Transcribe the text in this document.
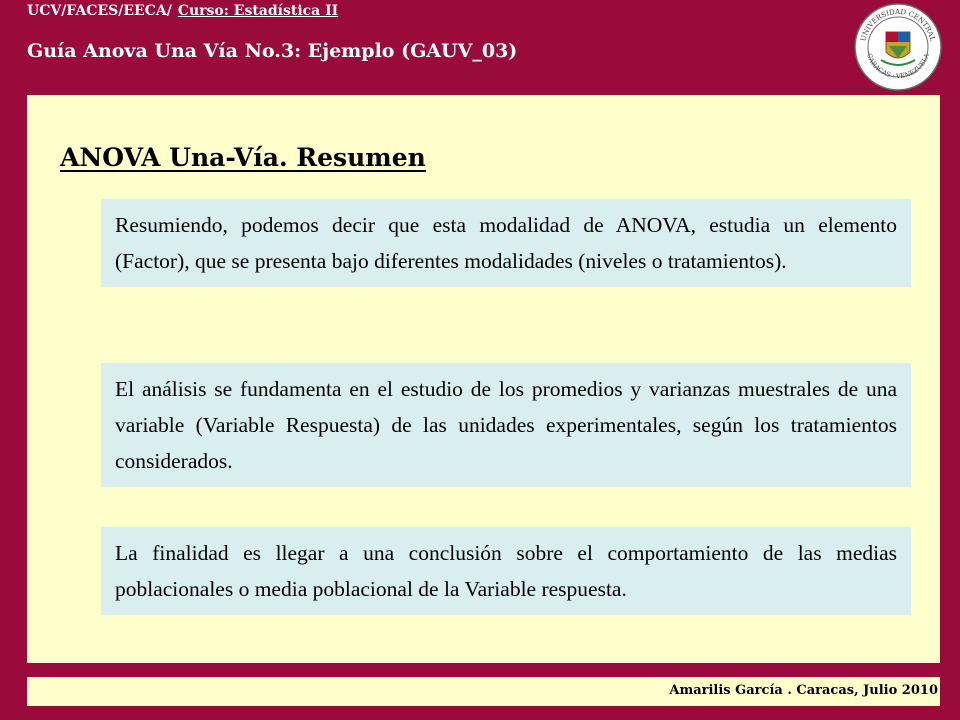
UCV/FACES/EECA/ Curso: Estadística II
Guía Anova Una Vía No.3: Ejemplo (GAUV_03)
UNIVERSIDAD CENTRAL
CARACAS · VENEZUELA
ANOVA Una-Vía. Resumen
Resumiendo, podemos decir que esta modalidad de ANOVA, estudia un elemento (Factor), que se presenta bajo diferentes modalidades (niveles o tratamientos).
El análisis se fundamenta en el estudio de los promedios y varianzas muestrales de una variable (Variable Respuesta) de las unidades experimentales, según los tratamientos considerados.
La finalidad es llegar a una conclusión sobre el comportamiento de las medias poblacionales o media poblacional de la Variable respuesta.
Amarilis García . Caracas, Julio 2010
